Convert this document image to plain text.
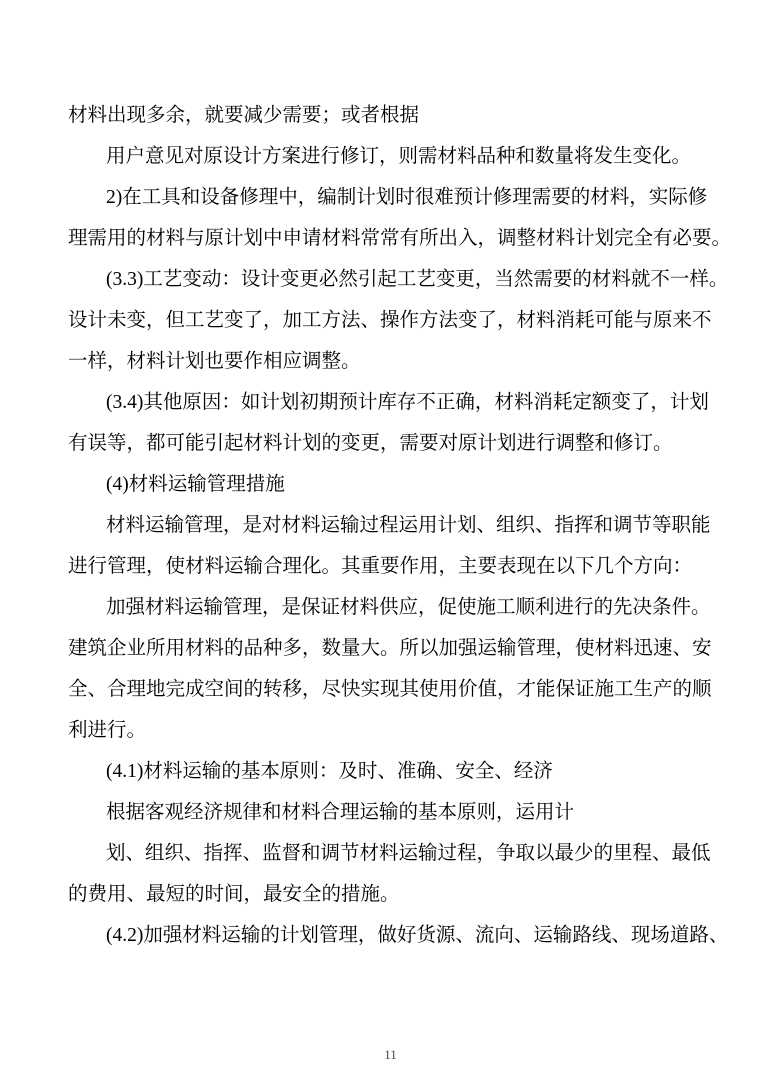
材料出现多余，就要减少需要；或者根据
用户意见对原设计方案进行修订，则需材料品种和数量将发生变化。
2)在工具和设备修理中，编制计划时很难预计修理需要的材料，实际修
理需用的材料与原计划中申请材料常常有所出入，调整材料计划完全有必要。
(3.3)工艺变动：设计变更必然引起工艺变更，当然需要的材料就不一样。
设计未变，但工艺变了，加工方法、操作方法变了，材料消耗可能与原来不
一样，材料计划也要作相应调整。
(3.4)其他原因：如计划初期预计库存不正确，材料消耗定额变了，计划
有误等，都可能引起材料计划的变更，需要对原计划进行调整和修订。
(4)材料运输管理措施
材料运输管理，是对材料运输过程运用计划、组织、指挥和调节等职能
进行管理，使材料运输合理化。其重要作用，主要表现在以下几个方向：
加强材料运输管理，是保证材料供应，促使施工顺利进行的先决条件。
建筑企业所用材料的品种多，数量大。所以加强运输管理，使材料迅速、安
全、合理地完成空间的转移，尽快实现其使用价值，才能保证施工生产的顺
利进行。
(4.1)材料运输的基本原则：及时、准确、安全、经济
根据客观经济规律和材料合理运输的基本原则，运用计
划、组织、指挥、监督和调节材料运输过程，争取以最少的里程、最低
的费用、最短的时间，最安全的措施。
(4.2)加强材料运输的计划管理，做好货源、流向、运输路线、现场道路、
11
